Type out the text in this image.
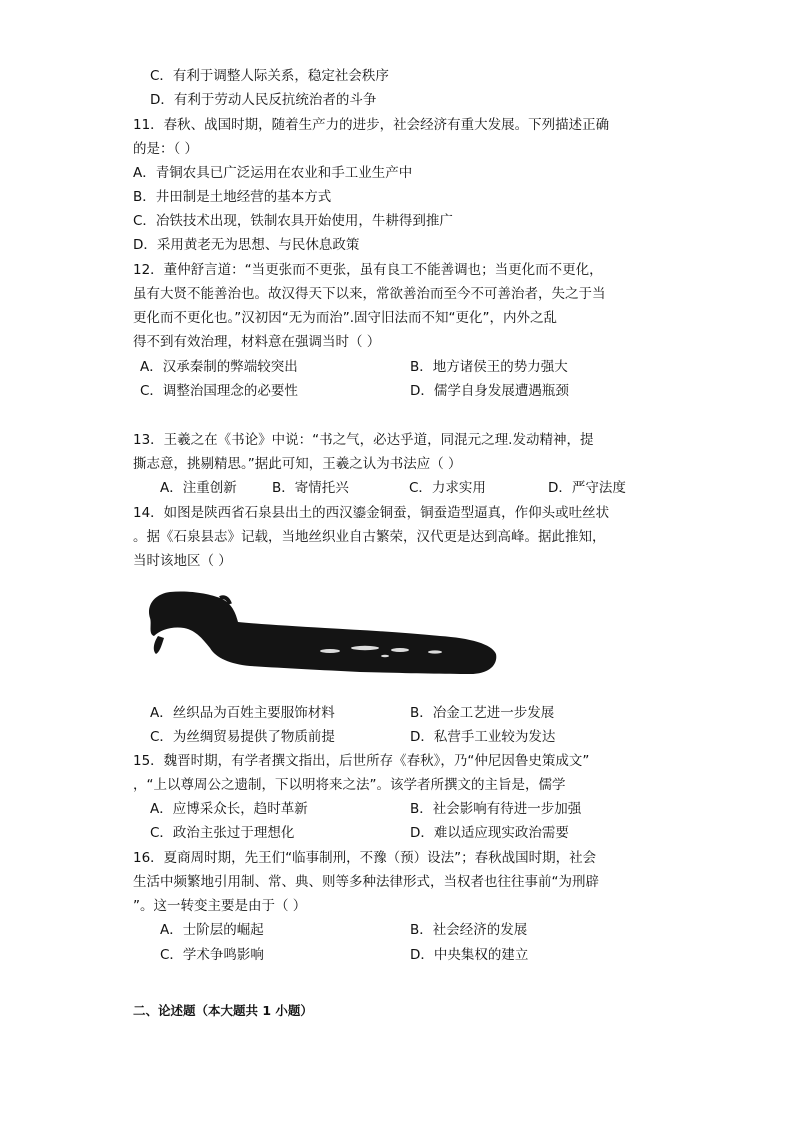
C．有利于调整人际关系，稳定社会秩序
D．有利于劳动人民反抗统治者的斗争
11．春秋、战国时期，随着生产力的进步，社会经济有重大发展。下列描述正确
的是：（ ）
A．青铜农具已广泛运用在农业和手工业生产中
B．井田制是土地经营的基本方式
C．冶铁技术出现，铁制农具开始使用，牛耕得到推广
D．采用黄老无为思想、与民休息政策
12．董仲舒言道：“当更张而不更张，虽有良工不能善调也；当更化而不更化，
虽有大贤不能善治也。故汉得天下以来，常欲善治而至今不可善治者，失之于当
更化而不更化也。”汉初因“无为而治”.固守旧法而不知“更化”，内外之乱
得不到有效治理，材料意在强调当时（ ）
A．汉承秦制的弊端较突出	B．地方诸侯王的势力强大
C．调整治国理念的必要性	D．儒学自身发展遭遇瓶颈
13．王羲之在《书论》中说：“书之气，必达乎道，同混元之理.发动精神，提
撕志意，挑剔精思。”据此可知，王羲之认为书法应（ ）
A．注重创新	B．寄情托兴	C．力求实用	D．严守法度
14．如图是陕西省石泉县出土的西汉鎏金铜蚕，铜蚕造型逼真，作仰头或吐丝状
。据《石泉县志》记载，当地丝织业自古繁荣，汉代更是达到高峰。据此推知，
当时该地区（ ）
A．丝织品为百姓主要服饰材料	B．冶金工艺进一步发展
C．为丝绸贸易提供了物质前提	D．私营手工业较为发达
15．魏晋时期，有学者撰文指出，后世所存《春秋》，乃“仲尼因鲁史策成文”
，“上以尊周公之遗制，下以明将来之法”。该学者所撰文的主旨是，儒学
A．应博采众长，趋时革新	B．社会影响有待进一步加强
C．政治主张过于理想化	D．难以适应现实政治需要
16．夏商周时期，先王们“临事制刑，不豫（预）设法”；春秋战国时期，社会
生活中频繁地引用制、常、典、则等多种法律形式，当权者也往往事前“为刑辟
”。这一转变主要是由于（ ）
A．士阶层的崛起	B．社会经济的发展
C．学术争鸣影响	D．中央集权的建立
二、论述题（本大题共 1 小题）
